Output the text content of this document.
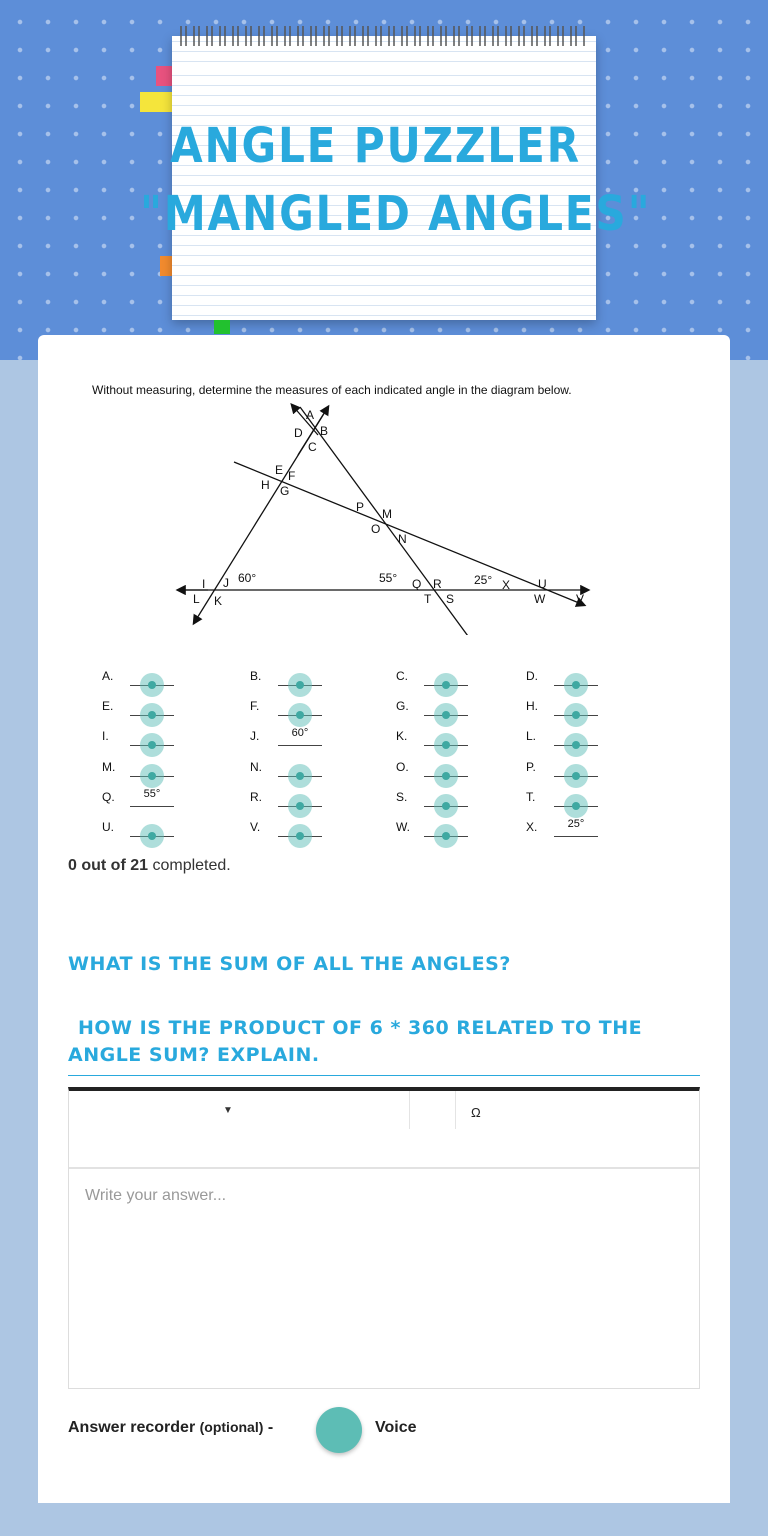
ANGLE PUZZLER
"MANGLED ANGLES"
Without measuring, determine the measures of each indicated angle in the diagram below.
A
B
C
D
E F
H G
P M
O
N
I J 60°
L K
55° Q R
T S
25° X U
W	V
A.	B.	C.	D.
E.	F.	G.	H.
I.	J.	60°	K.	L.
M.	N.	O.	P.
Q.	55°	R.	S.	T.
U.	V.	W.	X.	25°
0 out of 21 completed.
WHAT IS THE SUM OF ALL THE ANGLES?
HOW IS THE PRODUCT OF 6 * 360 RELATED TO THE ANGLE SUM? EXPLAIN.
▼	Ω
Write your answer...
Answer recorder (optional) -	Voice
